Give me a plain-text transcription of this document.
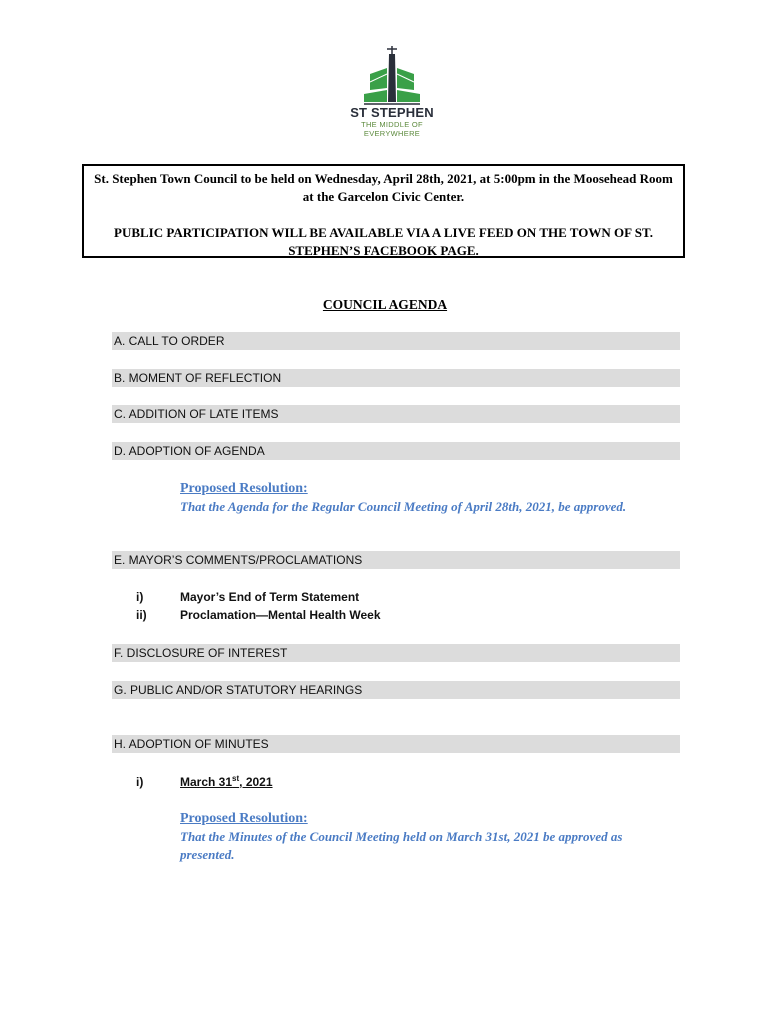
ST STEPHEN
THE MIDDLE OF EVERYWHERE

St. Stephen Town Council to be held on Wednesday, April 28th, 2021, at 5:00pm in the Moosehead Room at the Garcelon Civic Center.

PUBLIC PARTICIPATION WILL BE AVAILABLE VIA A LIVE FEED ON THE TOWN OF ST. STEPHEN’S FACEBOOK PAGE.

COUNCIL AGENDA
A. CALL TO ORDER
B. MOMENT OF REFLECTION
C. ADDITION OF LATE ITEMS
D. ADOPTION OF AGENDA
Proposed Resolution:
That the Agenda for the Regular Council Meeting of April 28th, 2021, be approved.
E. MAYOR’S COMMENTS/PROCLAMATIONS
i)	Mayor’s End of Term Statement
ii)	Proclamation—Mental Health Week
F. DISCLOSURE OF INTEREST
G. PUBLIC AND/OR STATUTORY HEARINGS
H. ADOPTION OF MINUTES
i)	March 31st, 2021
Proposed Resolution:
That the Minutes of the Council Meeting held on March 31st, 2021 be approved as presented.
